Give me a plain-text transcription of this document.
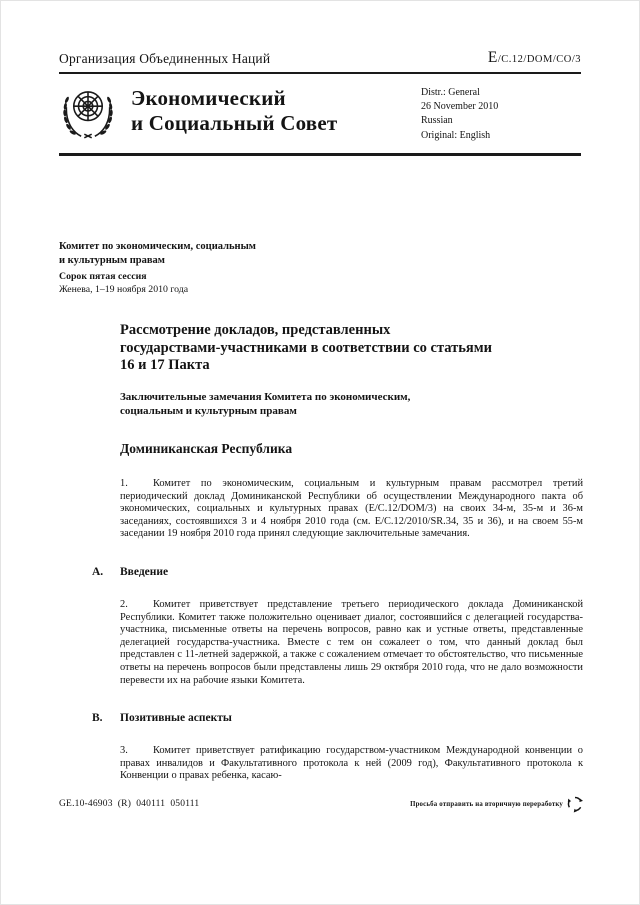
Организация Объединенных Наций	E/C.12/DOM/CO/3
Экономический
и Социальный Совет
Distr.: General
26 November 2010
Russian
Original: English
Комитет по экономическим, социальным
и культурным правам
Сорок пятая сессия
Женева, 1–19 ноября 2010 года
Рассмотрение докладов, представленных государствами-участниками в соответствии со статьями 16 и 17 Пакта
Заключительные замечания Комитета по экономическим, социальным и культурным правам
Доминиканская Республика

1. Комитет по экономическим, социальным и культурным правам рассмотрел третий периодический доклад Доминиканской Республики об осуществлении Международного пакта об экономических, социальных и культурных правах (E/C.12/DOM/3) на своих 34-м, 35-м и 36-м заседаниях, состоявшихся 3 и 4 ноября 2010 года (см. E/C.12/2010/SR.34, 35 и 36), и на своем 55-м заседании 19 ноября 2010 года принял следующие заключительные замечания.

A.	Введение

2. Комитет приветствует представление третьего периодического доклада Доминиканской Республики. Комитет также положительно оценивает диалог, состоявшийся с делегацией государства-участника, письменные ответы на перечень вопросов, равно как и устные ответы, представленные делегацией государства-участника. Вместе с тем он сожалеет о том, что данный доклад был представлен с 11-летней задержкой, а также с сожалением отмечает то обстоятельство, что письменные ответы на перечень вопросов были представлены лишь 29 октября 2010 года, что не дало возможности перевести их на рабочие языки Комитета.

B.	Позитивные аспекты

3. Комитет приветствует ратификацию государством-участником Международной конвенции о правах инвалидов и Факультативного протокола к ней (2009 год), Факультативного протокола к Конвенции о правах ребенка, касаю-

GE.10-46903  (R)  040111  050111	Просьба отправить на вторичную переработку
